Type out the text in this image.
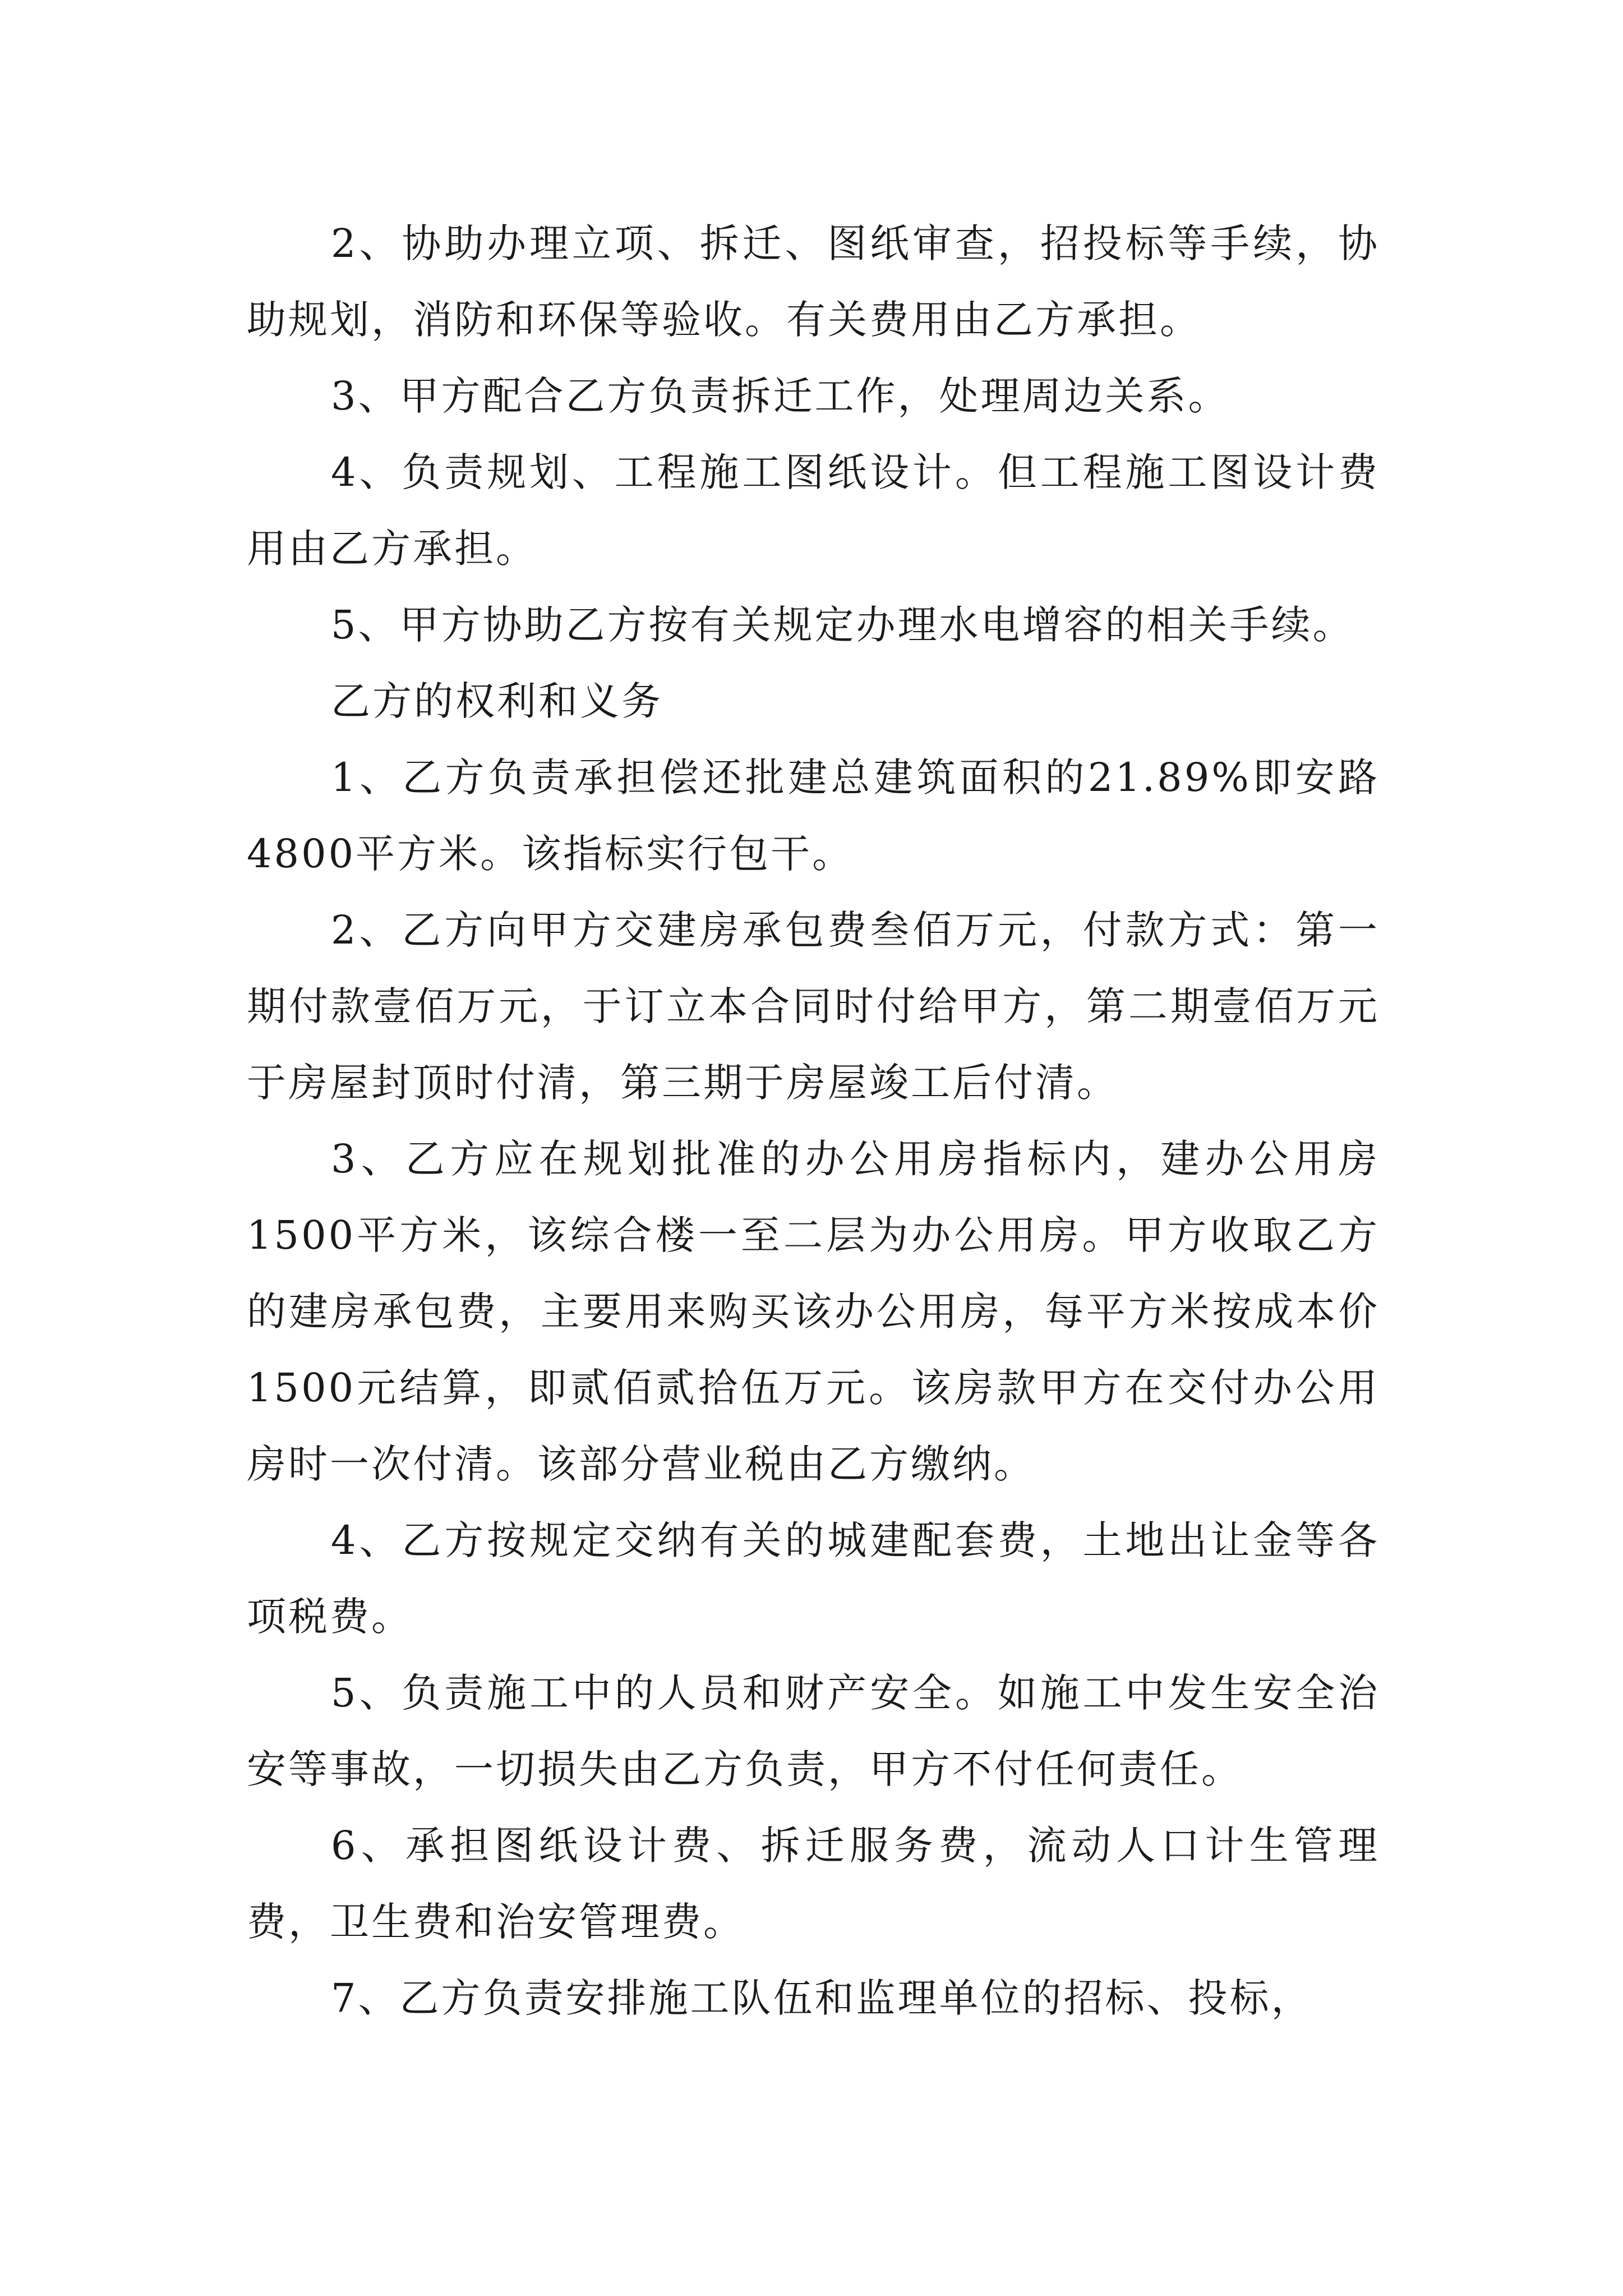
2、协助办理立项、拆迁、图纸审查，招投标等手续，协助规划，消防和环保等验收。有关费用由乙方承担。

3、甲方配合乙方负责拆迁工作，处理周边关系。

4、负责规划、工程施工图纸设计。但工程施工图设计费用由乙方承担。

5、甲方协助乙方按有关规定办理水电增容的相关手续。

乙方的权利和义务

1、乙方负责承担偿还批建总建筑面积的21.89%即安路4800平方米。该指标实行包干。

2、乙方向甲方交建房承包费叁佰万元，付款方式：第一期付款壹佰万元，于订立本合同时付给甲方，第二期壹佰万元于房屋封顶时付清，第三期于房屋竣工后付清。

3、乙方应在规划批准的办公用房指标内，建办公用房1500平方米，该综合楼一至二层为办公用房。甲方收取乙方的建房承包费，主要用来购买该办公用房，每平方米按成本价1500元结算，即贰佰贰拾伍万元。该房款甲方在交付办公用房时一次付清。该部分营业税由乙方缴纳。

4、乙方按规定交纳有关的城建配套费，土地出让金等各项税费。

5、负责施工中的人员和财产安全。如施工中发生安全治安等事故，一切损失由乙方负责，甲方不付任何责任。

6、承担图纸设计费、拆迁服务费，流动人口计生管理费，卫生费和治安管理费。

7、乙方负责安排施工队伍和监理单位的招标、投标，
